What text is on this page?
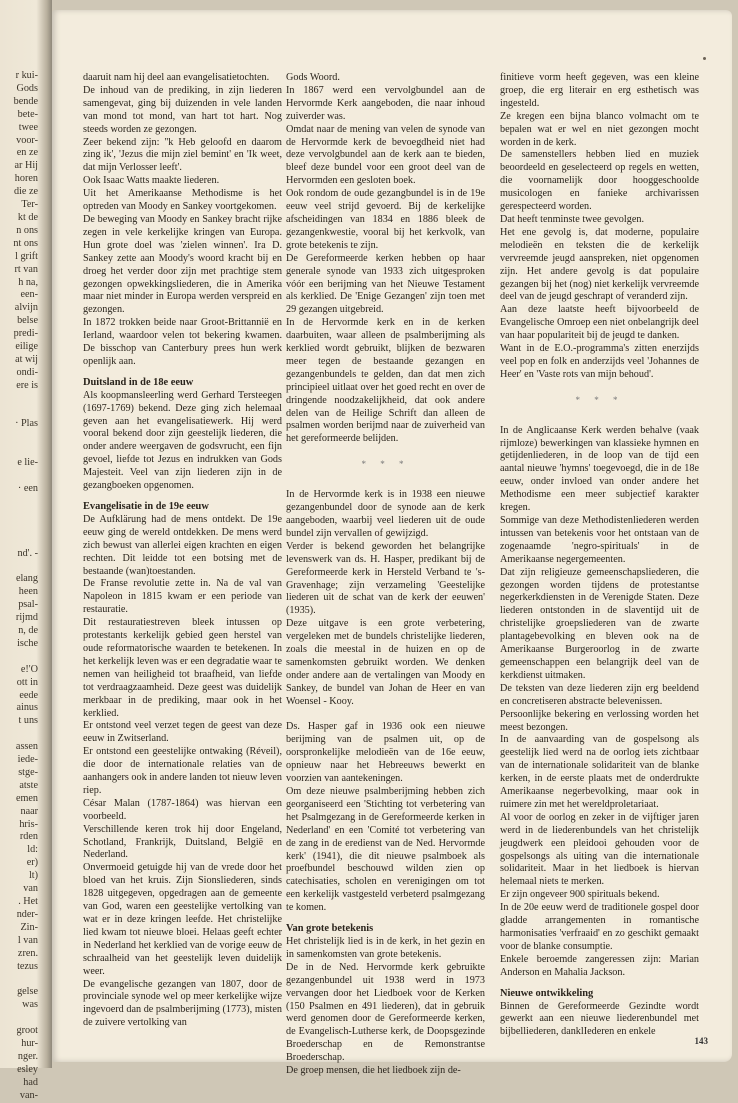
r kui-
Gods
bende
bete-
twee
voor-
en ze
ar Hij
horen
die ze
Ter-
kt de
n ons
nt ons
l grift
rt van
h na,
een-
alvijn
belse
predi-
eilige
at wij
ondi-
ere is

· Plas

e lie-

· een

nd'. -

elang
heen
psal-
rijmd
n, de
ische

e!'O
ott in
eede
ainus
t uns

assen
iede-
stge-
atste
emen
naar
hris-
rden
ld:
er)
lt)
van
. Het
nder-
Zin-
l van
zren.
tezus

gelse
was

groot
hur-
nger.
esley
had
van-

daaruit nam hij deel aan evangelisatietochten.

De inhoud van de prediking, in zijn liederen samengevat, ging bij duizenden in vele landen van mond tot mond, van hart tot hart. Nog steeds worden ze gezongen.

Zeer bekend zijn: ''k Heb geloofd en daarom zing ik', 'Jezus die mijn ziel bemint' en 'Ik weet, dat mijn Verlosser leeft'.

Ook Isaac Watts maakte liederen.

Uit het Amerikaanse Methodisme is het optreden van Moody en Sankey voortgekomen.

De beweging van Moody en Sankey bracht rijke zegen in vele kerkelijke kringen van Europa. Hun grote doel was 'zielen winnen'. Ira D. Sankey zette aan Moody's woord kracht bij en droeg het verder door zijn met prachtige stem gezongen opwekkingsliederen, die in Amerika maar niet minder in Europa werden verspreid en gezongen.

In 1872 trokken beide naar Groot-Brittannië en Ierland, waardoor velen tot bekering kwamen. De bisschop van Canterbury prees hun werk openlijk aan.

Duitsland in de 18e eeuw

Als koopmansleerling werd Gerhard Tersteegen (1697-1769) bekend. Deze ging zich helemaal geven aan het evangelisatiewerk. Hij werd vooral bekend door zijn geestelijk liederen, die onder andere weergaven de godsvrucht, een fijn gevoel, liefde tot Jezus en indrukken van Gods Majesteit. Veel van zijn liederen zijn in de gezangboeken opgenomen.

Evangelisatie in de 19e eeuw

De Aufklärung had de mens ontdekt. De 19e eeuw ging de wereld ontdekken. De mens werd zich bewust van allerlei eigen krachten en eigen rechten. Dit leidde tot een botsing met de bestaande (wan)toestanden.

De Franse revolutie zette in. Na de val van Napoleon in 1815 kwam er een periode van restauratie.

Dit restauratiestreven bleek intussen op protestants kerkelijk gebied geen herstel van oude reformatorische waarden te betekenen. In het kerkelijk leven was er een degradatie waar te nemen van heiligheid tot braafheid, van liefde tot verdraagzaamheid. Deze geest was duidelijk merkbaar in de prediking, maar ook in het kerklied.

Er ontstond veel verzet tegen de geest van deze eeuw in Zwitserland.

Er ontstond een geestelijke ontwaking (Réveil), die door de internationale relaties van de aanhangers ook in andere landen tot nieuw leven riep.

César Malan (1787-1864) was hiervan een voorbeeld.

Verschillende keren trok hij door Engeland, Schotland, Frankrijk, Duitsland, België en Nederland.

Onvermoeid getuigde hij van de vrede door het bloed van het kruis. Zijn Sionsliederen, sinds 1828 uitgegeven, opgedragen aan de gemeente van God, waren een geestelijke vertolking van wat er in deze kringen leefde. Het christelijke lied kwam tot nieuwe bloei. Helaas geeft echter in Nederland het kerklied van de vorige eeuw de schraalheid van het geestelijk leven duidelijk weer.

De evangelische gezangen van 1807, door de provinciale synode wel op meer kerkelijke wijze ingevoerd dan de psalmberijming (1773), misten de zuivere vertolking van

Gods Woord.

In 1867 werd een vervolgbundel aan de Hervormde Kerk aangeboden, die naar inhoud zuiverder was.

Omdat naar de mening van velen de synode van de Hervormde kerk de bevoegdheid niet had deze vervolgbundel aan de kerk aan te bieden, bleef deze bundel voor een groot deel van de Hervormden een gesloten boek.

Ook rondom de oude gezangbundel is in de 19e eeuw veel strijd gevoerd. Bij de kerkelijke afscheidingen van 1834 en 1886 bleek de gezangenkwestie, vooral bij het kerkvolk, van grote betekenis te zijn.

De Gereformeerde kerken hebben op haar generale synode van 1933 zich uitgesproken vóór een berijming van het Nieuwe Testament als kerklied. De 'Enige Gezangen' zijn toen met 29 gezangen uitgebreid.

In de Hervormde kerk en in de kerken daarbuiten, waar alleen de psalmberijming als kerklied wordt gebruikt, blijken de bezwaren meer tegen de bestaande gezangen en gezangenbundels te gelden, dan dat men zich principieel uitlaat over het goed recht en over de dringende noodzakelijkheid, dat ook andere delen van de Heilige Schrift dan alleen de psalmen worden berijmd naar de zuiverheid van het gereformeerde belijden.

* * *

In de Hervormde kerk is in 1938 een nieuwe gezangenbundel door de synode aan de kerk aangeboden, waarbij veel liederen uit de oude bundel zijn vervallen of gewijzigd.

Verder is bekend geworden het belangrijke levenswerk van ds. H. Hasper, predikant bij de Gereformeerde kerk in Hersteld Verband te 's-Gravenhage; zijn verzameling 'Geestelijke liederen uit de schat van de kerk der eeuwen' (1935).

Deze uitgave is een grote verbetering, vergeleken met de bundels christelijke liederen, zoals die meestal in de huizen en op de samenkomsten gebruikt worden. We denken onder andere aan de vertalingen van Moody en Sankey, de bundel van Johan de Heer en van Woensel - Kooy.

Ds. Hasper gaf in 1936 ook een nieuwe berijming van de psalmen uit, op de oorspronkelijke melodieën van de 16e eeuw, opnieuw naar het Hebreeuws bewerkt en voorzien van aantekeningen.

Om deze nieuwe psalmberijming hebben zich georganiseerd een 'Stichting tot verbetering van het Psalmgezang in de Gereformeerde kerken in Nederland' en een 'Comité tot verbetering van de zang in de eredienst van de Ned. Hervormde kerk' (1941), die dit nieuwe psalmboek als proefbundel beschouwd wilden zien op catechisaties, scholen en verenigingen om tot een kerkelijk vastgesteld verbeterd psalmgezang te komen.

Van grote betekenis

Het christelijk lied is in de kerk, in het gezin en in samenkomsten van grote betekenis.

De in de Ned. Hervormde kerk gebruikte gezangenbundel uit 1938 werd in 1973 vervangen door het Liedboek voor de Kerken (150 Psalmen en 491 liederen), dat in gebruik werd genomen door de Gereformeerde kerken, de Evangelisch-Lutherse kerk, de Doopsgezinde Broederschap en de Remonstrantse Broederschap.

De groep mensen, die het liedboek zijn de-

finitieve vorm heeft gegeven, was een kleine groep, die erg literair en erg esthetisch was ingesteld.

Ze kregen een bijna blanco volmacht om te bepalen wat er wel en niet gezongen mocht worden in de kerk.

De samenstellers hebben lied en muziek beoordeeld en geselecteerd op regels en wetten, die voornamelijk door hooggeschoolde musicologen en fanieke archivarissen gerespecteerd worden.

Dat heeft tenminste twee gevolgen.

Het ene gevolg is, dat moderne, populaire melodieën en teksten die de kerkelijk vervreemde jeugd aanspreken, niet opgenomen zijn. Het andere gevolg is dat populaire gezangen bij het (nog) niet kerkelijk vervreemde deel van de jeugd geschrapt of veranderd zijn.

Aan deze laatste heeft bijvoorbeeld de Evangelische Omroep een niet onbelangrijk deel van haar populariteit bij de jeugd te danken.

Want in de E.O.-programma's zitten enerzijds veel pop en folk en anderzijds veel 'Johannes de Heer' en 'Vaste rots van mijn behoud'.

* * *

In de Anglicaanse Kerk werden behalve (vaak rijmloze) bewerkingen van klassieke hymnen en getijdenliederen, in de loop van de tijd een aantal nieuwe 'hymns' toegevoegd, die in de 18e eeuw, onder invloed van onder andere het Methodisme een meer subjectief karakter kregen.

Sommige van deze Methodistenliederen werden intussen van betekenis voor het ontstaan van de zogenaamde 'negro-spirituals' in de Amerikaanse negergemeenten.

Dat zijn religieuze gemeenschapsliederen, die gezongen worden tijdens de protestantse negerkerkdiensten in de Verenigde Staten. Deze liederen ontstonden in de slaventijd uit de christelijke groepsliederen van de zwarte plantagebevolking en bleven ook na de Amerikaanse Burgeroorlog in de zwarte gemeenschappen een belangrijk deel van de kerkdienst uitmaken.

De teksten van deze liederen zijn erg beeldend en concretiseren abstracte belevenissen.

Persoonlijke bekering en verlossing worden het meest bezongen.

In de aanvaarding van de gospelsong als geestelijk lied werd na de oorlog iets zichtbaar van de internationale solidariteit van de blanke kerken, in de eerste plaats met de onderdrukte Amerikaanse negerbevolking, maar ook in ruimere zin met het wereldproletariaat.

Al voor de oorlog en zeker in de vijftiger jaren werd in de liederenbundels van het christelijk jeugdwerk een pleidooi gehouden voor de gospelsongs als uiting van die internationale solidariteit. Maar in het liedboek is hiervan helemaal niets te merken.

Er zijn ongeveer 900 spirituals bekend.

In de 20e eeuw werd de traditionele gospel door gladde arrangementen in romantische harmonisaties 'verfraaid' en zo geschikt gemaakt voor de blanke consumptie.

Enkele beroemde zangeressen zijn: Marian Anderson en Mahalia Jackson.

Nieuwe ontwikkeling

Binnen de Gereformeerde Gezindte wordt gewerkt aan een nieuwe liederenbundel met bijbelliederen, danklIederen en enkele

143
